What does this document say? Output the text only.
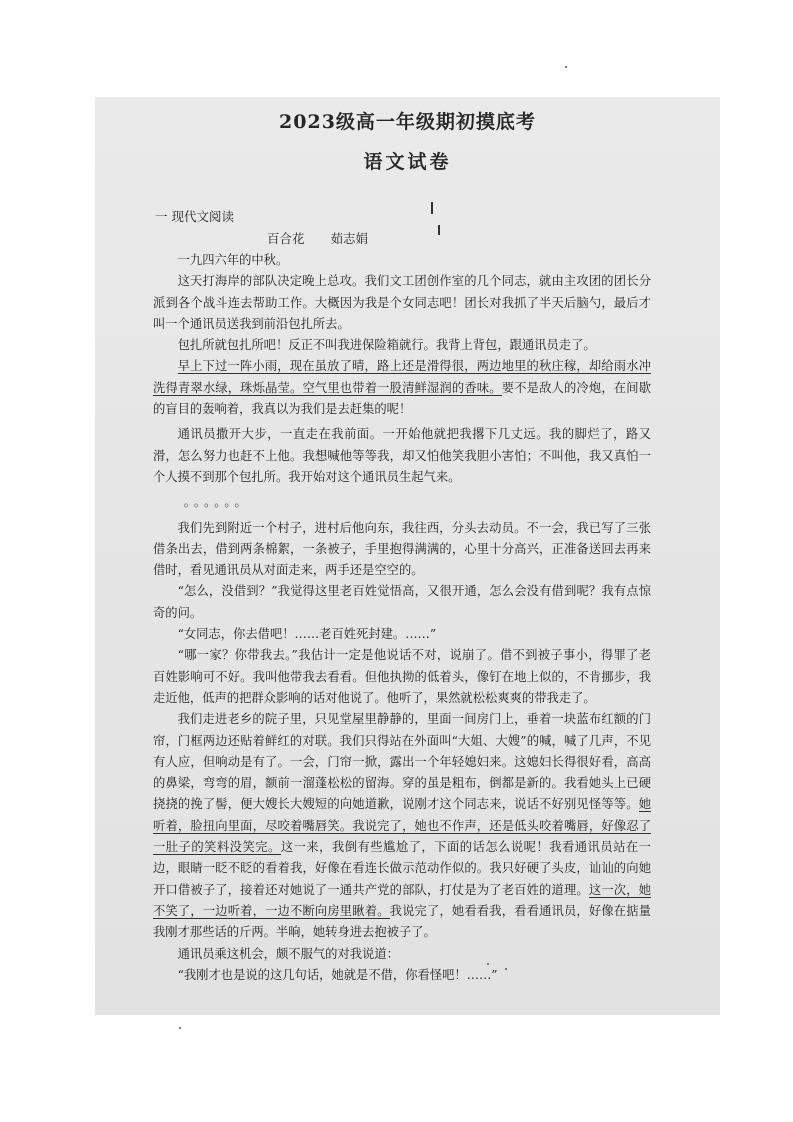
2023级高一年级期初摸底考
语文试卷
一 现代文阅读
百合花 茹志娟

一九四六年的中秋。

这天打海岸的部队决定晚上总攻。我们文工团创作室的几个同志，就由主攻团的团长分派到各个战斗连去帮助工作。大概因为我是个女同志吧！团长对我抓了半天后脑勺，最后才叫一个通讯员送我到前沿包扎所去。

包扎所就包扎所吧！反正不叫我进保险箱就行。我背上背包，跟通讯员走了。

早上下过一阵小雨，现在虽放了晴，路上还是滑得很，两边地里的秋庄稼，却给雨水冲洗得青翠水绿，珠烁晶莹。空气里也带着一股清鲜湿润的香味。要不是敌人的冷炮，在间歇的盲目的轰响着，我真以为我们是去赶集的呢！

通讯员撒开大步，一直走在我前面。一开始他就把我撂下几丈远。我的脚烂了，路又滑，怎么努力也赶不上他。我想喊他等等我，却又怕他笑我胆小害怕；不叫他，我又真怕一个人摸不到那个包扎所。我开始对这个通讯员生起气来。

。。。。。。

我们先到附近一个村子，进村后他向东，我往西，分头去动员。不一会，我已写了三张借条出去，借到两条棉絮，一条被子，手里抱得满满的，心里十分高兴，正准备送回去再来借时，看见通讯员从对面走来，两手还是空空的。

“怎么，没借到？”我觉得这里老百姓觉悟高，又很开通，怎么会没有借到呢？我有点惊奇的问。

“女同志，你去借吧！……老百姓死封建。……”

“哪一家？你带我去。”我估计一定是他说话不对，说崩了。借不到被子事小，得罪了老百姓影响可不好。我叫他带我去看看。但他执拗的低着头，像钉在地上似的，不肯挪步，我走近他，低声的把群众影响的话对他说了。他听了，果然就松松爽爽的带我走了。

我们走进老乡的院子里，只见堂屋里静静的，里面一间房门上，垂着一块蓝布红额的门帘，门框两边还贴着鲜红的对联。我们只得站在外面叫“大姐、大嫂”的喊，喊了几声，不见有人应，但响动是有了。一会，门帘一掀，露出一个年轻媳妇来。这媳妇长得很好看，高高的鼻梁，弯弯的眉，额前一溜蓬松松的留海。穿的虽是粗布，倒都是新的。我看她头上已硬挠挠的挽了髻，便大嫂长大嫂短的向她道歉，说刚才这个同志来，说话不好别见怪等等。她听着，脸扭向里面，尽咬着嘴唇笑。我说完了，她也不作声，还是低头咬着嘴唇，好像忍了一肚子的笑料没笑完。这一来，我倒有些尴尬了，下面的话怎么说呢！我看通讯员站在一边，眼睛一眨不眨的看着我，好像在看连长做示范动作似的。我只好硬了头皮，讪讪的向她开口借被子了，接着还对她说了一通共产党的部队，打仗是为了老百姓的道理。这一次，她不笑了，一边听着，一边不断向房里瞅着。我说完了，她看看我，看看通讯员，好像在掂量我刚才那些话的斤两。半晌，她转身进去抱被子了。

通讯员乘这机会，颇不服气的对我说道：

“我刚才也是说的这几句话，她就是不借，你看怪吧！……”
